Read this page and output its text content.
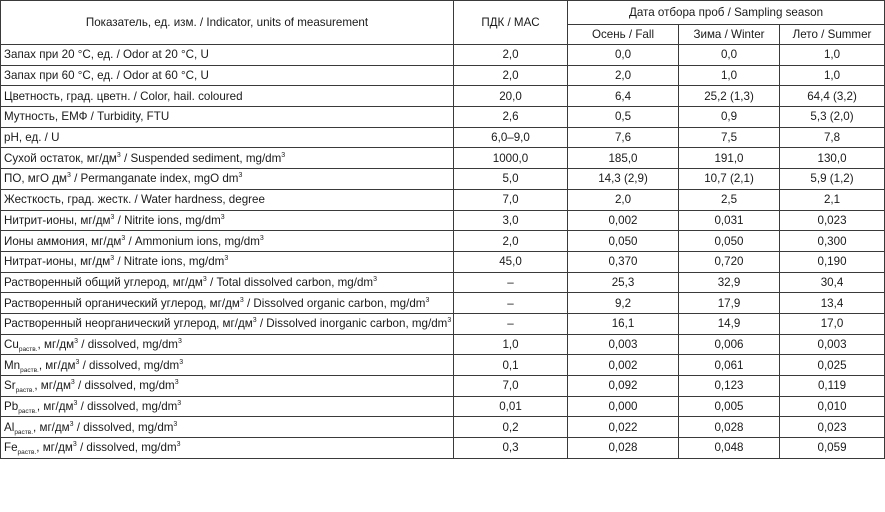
Показатель, ед. изм. / Indicator, units of measurement	ПДК / MAC	Дата отбора проб / Sampling season		
		Осень / Fall	Зима / Winter	Лето / Summer
Запах при 20 °C, ед. / Odor at 20 °C, U	2,0	0,0	0,0	1,0
Запах при 60 °C, ед. / Odor at 60 °C, U	2,0	2,0	1,0	1,0
Цветность, град. цветн. / Color, hail. coloured	20,0	6,4	25,2 (1,3)	64,4 (3,2)
Мутность, ЕМФ / Turbidity, FTU	2,6	0,5	0,9	5,3 (2,0)
pH, ед. / U	6,0–9,0	7,6	7,5	7,8
Сухой остаток, $мг/дм^3$ / Suspended sediment, $mg/dm^3$	1000,0	185,0	191,0	130,0
ПО, мгО $дм^3$ / Permanganate index, mgO $dm^3$	5,0	14,3 (2,9)	10,7 (2,1)	5,9 (1,2)
Жесткость, град. жестк. / Water hardness, degree	7,0	2,0	2,5	2,1
Нитрит-ионы, $мг/дм^3$ / Nitrite ions, $mg/dm^3$	3,0	0,002	0,031	0,023
Ионы аммония, $мг/дм^3$ / Ammonium ions, $mg/dm^3$	2,0	0,050	0,050	0,300
Нитрат-ионы, $мг/дм^3$ / Nitrate ions, $mg/dm^3$	45,0	0,370	0,720	0,190
Растворенный общий углерод, $мг/дм^3$ / Total dissolved carbon, $mg/dm^3$	–	25,3	32,9	30,4
Растворенный органический углерод, $мг/дм^3$ / Dissolved organic carbon, $mg/dm^3$	–	9,2	17,9	13,4
Растворенный неорганический углерод, $мг/дм^3$ / Dissolved inorganic carbon, $mg/dm^3$	–	16,1	14,9	17,0
$Cu_{раств.}$, $мг/дм^3$ / dissolved, $mg/dm^3$	1,0	0,003	0,006	0,003
$Mn_{раств.}$, $мг/дм^3$ / dissolved, $mg/dm^3$	0,1	0,002	0,061	0,025
$Sr_{раств.}$, $мг/дм^3$ / dissolved, $mg/dm^3$	7,0	0,092	0,123	0,119
$Pb_{раств.}$, $мг/дм^3$ / dissolved, $mg/dm^3$	0,01	0,000	0,005	0,010
$Al_{раств.}$, $мг/дм^3$ / dissolved, $mg/dm^3$	0,2	0,022	0,028	0,023
$Fe_{раств.}$, $мг/дм^3$ / dissolved, $mg/dm^3$	0,3	0,028	0,048	0,059
